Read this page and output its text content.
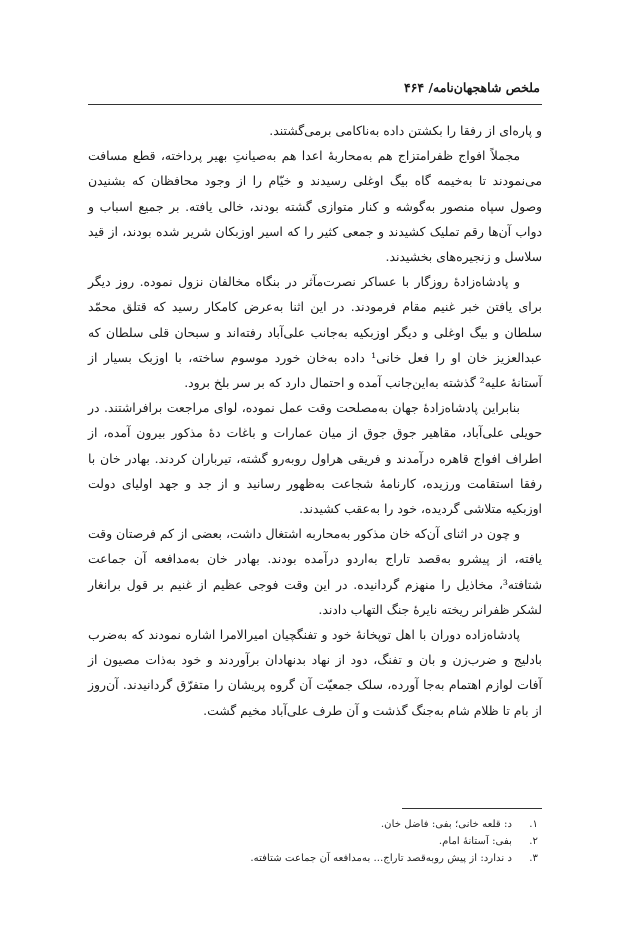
ملخص شاهجهان‌نامه/ ۴۶۴

و پاره‌ای از رفقا را بکشتن داده به‌ناکامی برمی‌گشتند.

مجملاً افواج ظفرامتزاج هم به‌محاربهٔ اعدا هم به‌صیانتِ بهیر پرداخته، قطع مسافت می‌نمودند تا به‌خیمه گاه بیگ اوغلی رسیدند و خیّام را از وجود محافظان که بشنیدن وصول سپاه منصور به‌گوشه و کنار متوازی گشته بودند، خالی یافته. بر جمیع اسباب و دواب آن‌ها رقم تملیک کشیدند و جمعی کثیر را که اسیر اوزبکان شریر شده بودند، از قید سلاسل و زنجیره‌های بخشیدند.

و پادشاه‌زادهٔ روزگار با عساکر نصرت‌مآثر در بنگاه مخالفان نزول نموده. روز دیگر برای یافتن خبر غنیم مقام فرمودند. در این اثنا به‌عرض کامکار رسید که قتلق محمّد سلطان و بیگ اوغلی و دیگر اوزبکیه به‌جانب علی‌آباد رفته‌اند و سبحان قلی سلطان که عبدالعزیز خان او را فعل خانی¹ داده به‌خان خورد موسوم ساخته، با اوزبک بسیار از آستانهٔ علیه² گذشته به‌این‌جانب آمده و احتمال دارد که بر سر بلخ برود.

بنابراین پادشاه‌زادهٔ جهان به‌مصلحت وقت عمل نموده، لوای مراجعت برافراشتند. در حویلی علی‌آباد، مقاهیر جوق جوق از میان عمارات و باغات دهٔ مذکور بیرون آمده، از اطراف افواج قاهره درآمدند و فریقی هراول روبه‌رو گشته، تیرباران کردند. بهادر خان با رفقا استقامت ورزیده، کارنامهٔ شجاعت به‌ظهور رسانید و از جد و جهد اولیای دولت اوزبکیه متلاشی گردیده، خود را به‌عقب کشیدند.

و چون در اثنای آن‌که خان مذکور به‌محاربه اشتغال داشت، بعضی از کم فرصتان وقت یافته، از پیشرو به‌قصد تاراج به‌اردو درآمده بودند. بهادر خان به‌مدافعه آن جماعت شتافته³، مخاذیل را منهزم گردانیده. در این وقت فوجی عظیم از غنیم بر قول برانغار لشکر ظفرانر ریخته نایرهٔ جنگ التهاب دادند.

پادشاه‌زاده دوران با اهل توپخانهٔ خود و تفنگچیان امیرالامرا اشاره نمودند که به‌ضرب بادلیج و ضرب‌زن و بان و تفنگ، دود از نهاد بدنهادان برآوردند و خود به‌ذات مصیون از آفات لوازم اهتمام به‌جا آورده، سلک جمعیّت آن گروه پریشان را متفرّق گردانیدند. آن‌روز از بام تا ظلام شام به‌جنگ گذشت و آن طرف علی‌آباد مخیم گشت.

۱.د: قلعه خانی؛ بفی: فاضل خان.
۲.بفی: آستانهٔ امام.
۳.د ندارد: از پیش روبه‌قصد تاراج... به‌مدافعه آن جماعت شتافته.
